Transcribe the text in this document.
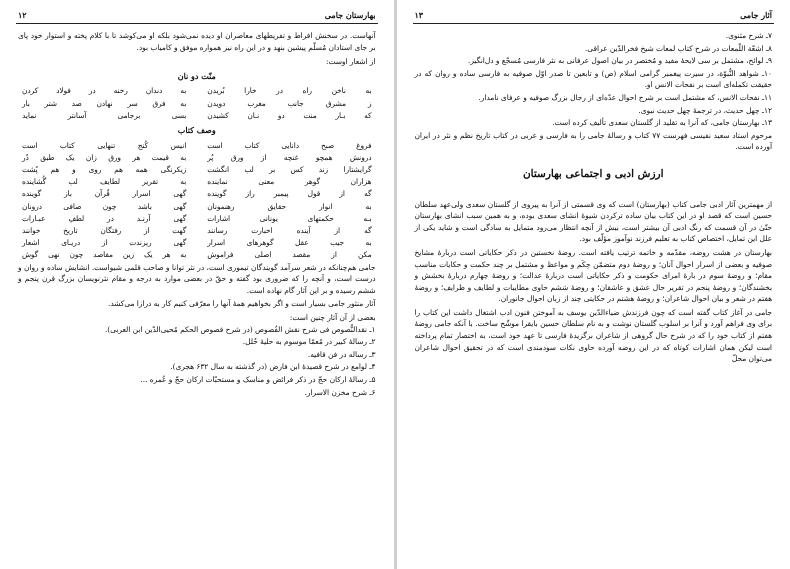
۱۲	بهارستان جامی

آنهاست. در سخنش افراط و تفریطهای معاصران او دیده نمی‌شود بلکه او می‌کوشد تا با کلام پخته و استوار خود پای بر جای استادان مُسلّم پیشین بنهد و در این راه نیز همواره موفق و کامیاب بود.

از اشعار اوست:
منّت دو نان
به ناخن راه در خارا بُریدن
به دندان رخنه در فولاد کردن
ز مشرق جانب مغرب دویدن
به فرق سر نهادن صد شتر بار
که بـار منت دو نـان کشیدن
بسی برجامی آسانتر نماید
وصف کتاب
فروغ صبح دانایی کتاب است
انیس کُنج تنهایی کتاب است
درونش همچو غنچه از ورق پُر
به قیمت هر ورق زان یک طبق دُر
گرایشتارا زند کس بر لب انگشت
زیکرنگی همه هم روی و هم پُشت
هزاران گوهر معنی نماینده
به تقریر لطایف لب گُشاینده
گه از قول پیمبر راز گوینده
گهی اسرار قُرآن باز گوینده
به انوار حقایق رهنمونان
گهی باشد چون صافی درونان
بـه حکمتهای یونانی اشارات
گهی آرنـد در لطفِ عبـارات
گه از آینده اخبارت رسانند
گهت از رفتگان تاریخ خوانند
به جیب عقل گوهرهای اسرار
گهی ریزندت از دریـای اشعار
مکن از مقصد اصلی فراموش
به هر یک زین مقاصد چون نهی گوش

جامی هم‌چنانکه در شعر سرآمد گویندگان تیموری است، در نثر توانا و صاحب قلمی شیواست. انشایش ساده و روان و درست است، و آنچه را که ضروری بود گفته و حقّ در بعضی موارد به درجه و مقام نثرنویسان بزرگ قرن پنجم و ششم رسیده و بر این آثار گام نهاده است.

آثار منثور جامی بسیار است و اگر بخواهیم همهٔ آنها را معرّفی کنیم کار به درازا می‌کشد.

بعضی از آن آثار چنین است:
۱ـ نقدالنُّصوص فی شرح نقش الفُصوص (در شرح فصوص الحکم مُحیی‌الدّین ابن العربی).
۲ـ رسالهٔ کبیر در مُعمّا موسوم به حلیهٔ حُلل.
۳ـ رساله در فن قافیه.
۴ـ لوامع در شرح قصیدهٔ ابن فارض (در گذشته به سال ۶۳۲ هجری).
۵ـ رسالهٔ ارکان حجّ در ذکر فرائض و مناسک و مستحبّات ارکان حجّ و عُمره ...
۶ـ شرح مخزن الاسرار.
۱۳	آثار جامی
۷ـ شرح مثنوی.
۸ـ اشعّة اللّمعات در شرح کتاب لمعات شیخ فخرالدّین عراقی.
۹ـ لوائح، مشتمل بر سی لایحهٔ مفید و مُختصر در بیان اصول عرفانی به نثر فارسی مُسجّع و دل‌انگیز.
۱۰ـ شواهد النُّبوّة، در سیرت پیغمبر گرامی اسلام (ص) و تابعین تا صدر اوّل صوفیه به فارسی ساده و روان که در حقیقت تکمله‌ای است بر نفحات الانس او.
۱۱ـ نفحات الانس، که مشتمل است بر شرح احوال عدّه‌ای از رجال بزرگ صوفیه و عرفای نامدار.
۱۲ـ چهل حدیث، در ترجمهٔ چهل حدیث نبوی.
۱۳ـ بهارستان جامی، که آنرا به تقلید از گلستان سعدی تألیف کرده است.

مرحوم استاد سعید نفیسی فهرست ۷۷ کتاب و رسالهٔ جامی را به فارسی و عربی در کتاب تاریخ نظم و نثر در ایران آورده است.

ارزش ادبی و اجتماعی بهارستان

از مهمترین آثار ادبی جامی کتاب (بهارستان) است که وی قسمتی از آنرا به پیروی از گلستان سعدی ولی‌عهد سلطان حسین است که قصد او در این کتاب بیان ساده ترکردن شیوهٔ انشای سعدی بوده، و به همین سبب انشای بهارستان حتّیٰ در آن قسمت که رنگ ادبی آن بیشتر است، بیش از آنچه انتظار می‌رود متمایل به سادگی است و شاید یکی از علل این تمایل، اختصاص کتاب به تعلیم فرزند نوآموز مؤلّف بود.

بهارستان در هشت روضه، مقدّمه و خاتمه ترتیب یافته است. روضهٔ نخستین در ذکر حکایاتی است دربارهٔ مشایخ صوفیه و بعضی از اسرار احوال آنان؛ و روضهٔ دوم متضمّن حِکَم و مواعظ و مشتمل بر چند حکمت و حکایات مناسب مقام؛ و روضهٔ سوم در بارهٔ امرای حکومت و ذکر حکایاتی است دربارهٔ عدالت؛ و روضهٔ چهارم دربارهٔ بخشش و بخشندگان؛ و روضهٔ پنجم در تقریر حال عشق و عاشقان؛ و روضهٔ ششم حاوی مطایبات و لطایف و ظرایف؛ و روضهٔ هفتم در شعر و بیان احوال شاعران؛ و روضهٔ هشتم در حکایتی چند از زبان احوال جانوران.

جامی در آغاز کتاب گفته است که چون فرزندش ضیاءالدّین یوسف به آموختن فنون ادب اشتغال داشت این کتاب را برای وی فراهم آورد و آنرا بر اسلوب گلستان نوشت و به نام سلطان حسین بایقرا موشّح ساخت. با آنکه جامی روضهٔ هفتم از کتاب خود را که در شرح حال گروهی از شاعران برگزیدهٔ فارسی تا عهد خود است، به اختصار تمام پرداخته است لیکن همان اشارات کوتاه که در این روضه آورده حاوی نکات سودمندی است که در تحقیق احوال شاعران می‌توان محلّ
